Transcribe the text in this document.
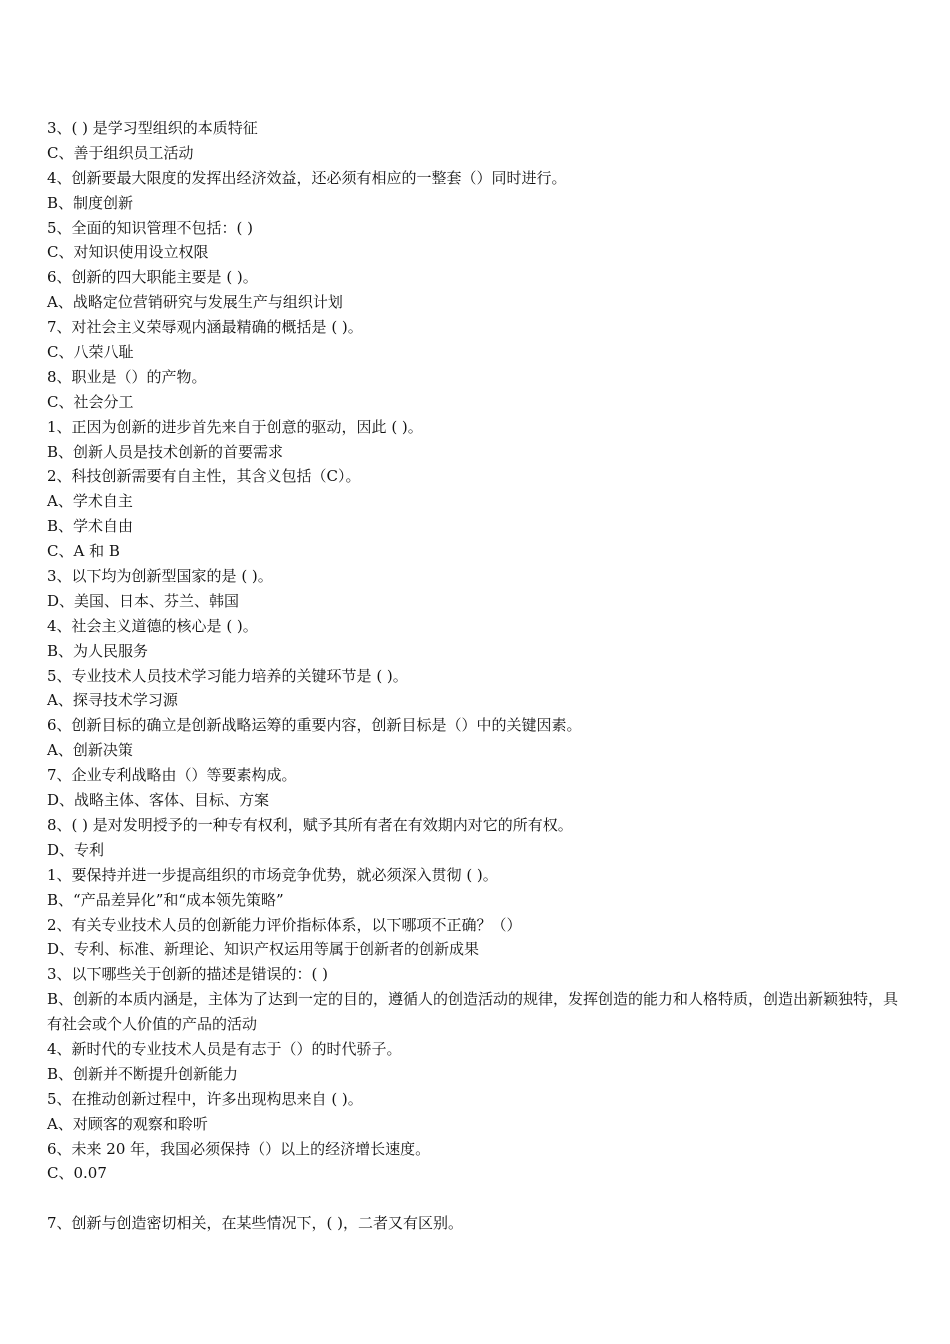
3、( ) 是学习型组织的本质特征
C、善于组织员工活动
4、创新要最大限度的发挥出经济效益，还必须有相应的一整套（）同时进行。
B、制度创新
5、全面的知识管理不包括：( )
C、对知识使用设立权限
6、创新的四大职能主要是 ( )。
A、战略定位营销研究与发展生产与组织计划
7、对社会主义荣辱观内涵最精确的概括是 ( )。
C、八荣八耻
8、职业是（）的产物。
C、社会分工
1、正因为创新的进步首先来自于创意的驱动，因此 ( )。
B、创新人员是技术创新的首要需求
2、科技创新需要有自主性，其含义包括（C）。
A、学术自主
B、学术自由
C、A 和 B
3、以下均为创新型国家的是 ( )。
D、美国、日本、芬兰、韩国
4、社会主义道德的核心是 ( )。
B、为人民服务
5、专业技术人员技术学习能力培养的关键环节是 ( )。
A、探寻技术学习源
6、创新目标的确立是创新战略运筹的重要内容，创新目标是（）中的关键因素。
A、创新决策
7、企业专利战略由（）等要素构成。
D、战略主体、客体、目标、方案
8、( ) 是对发明授予的一种专有权利，赋予其所有者在有效期内对它的所有权。
D、专利
1、要保持并进一步提高组织的市场竞争优势，就必须深入贯彻 ( )。
B、“产品差异化”和“成本领先策略”
2、有关专业技术人员的创新能力评价指标体系，以下哪项不正确？（）
D、专利、标准、新理论、知识产权运用等属于创新者的创新成果
3、以下哪些关于创新的描述是错误的：( )
B、创新的本质内涵是，主体为了达到一定的目的，遵循人的创造活动的规律，发挥创造的能力和人格特质，创造出新颖独特，具有社会或个人价值的产品的活动
4、新时代的专业技术人员是有志于（）的时代骄子。
B、创新并不断提升创新能力
5、在推动创新过程中，许多出现构思来自 ( )。
A、对顾客的观察和聆听
6、未来 20 年，我国必须保持（）以上的经济增长速度。
C、0.07
7、创新与创造密切相关，在某些情况下，( )，二者又有区别。
